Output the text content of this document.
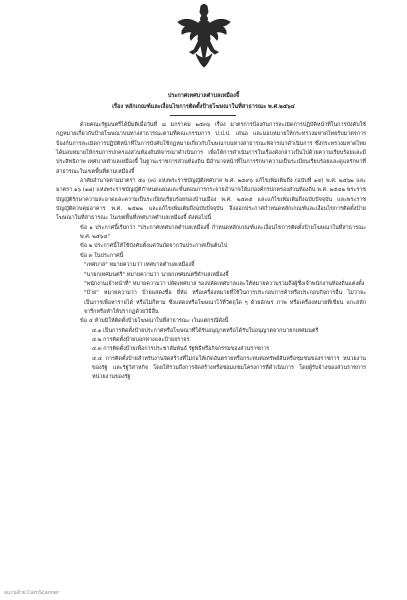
ประกาศเทศบาลตำบลเหมืองจี้
เรื่อง หลักเกณฑ์และเงื่อนไขการติดตั้งป้ายโฆษณาในที่สาธารณะ พ.ศ.๒๕๖๔

ด้วยคณะรัฐมนตรีได้มีมติเมื่อวันที่ ๘ มกราคม ๒๕๓๖ เรื่อง มาตรการป้องกันการละเมิดการปฏิบัติหน้าที่ในการบังคับใช้กฎหมายเกี่ยวกับป้ายโฆษณาบนทางสาธารณะตามที่คณะกรรมการ ป.ป.ป. เสนอ และมอบหมายให้กระทรวงมหาดไทยรับมาตรการป้องกันการละเมิดการปฏิบัติหน้าที่ในการบังคับใช้กฎหมายเกี่ยวกับโฆษณาบนทางสาธารณะพิจารณาดำเนินการ ซึ่งกระทรวงมหาดไทยได้มอบหมายให้กรมการปกครองส่วนท้องถิ่นพิจารณาดำเนินการ เพื่อให้การดำเนินการในเรื่องดังกล่าวเป็นไปด้วยความเรียบร้อยและมีประสิทธิภาพ เทศบาลตำบลเหมืองจี้ ในฐานะราชการส่วนท้องถิ่น มีอำนาจหน้าที่ในการรักษาความเป็นระเบียบเรียบร้อยและดูแลรักษาที่สาธารณะในเขตพื้นที่ตามเหมืองจี้

อาศัยอำนาจตามมาตรา ๕๐ (๓) แห่งพระราชบัญญัติเทศบาล พ.ศ. ๒๔๙๖ แก้ไขเพิ่มเติมถึง (ฉบับที่ ๑๔) พ.ศ. ๒๕๖๒ และมาตรา ๑๖ (๑๗) แห่งพระราชบัญญัติกำหนดแผนและขั้นตอนการกระจายอำนาจให้แก่องค์กรปกครองส่วนท้องถิ่น พ.ศ. ๒๕๔๒ พระราชบัญญัติรักษาความสะอาดและความเป็นระเบียบเรียบร้อยของบ้านเมือง พ.ศ. ๒๕๓๕ และแก้ไขเพิ่มเติมถึงฉบับปัจจุบัน และพระราชบัญญัติควบคุมอาคาร พ.ศ. ๒๕๒๒ และแก้ไขเพิ่มเติมถึงฉบับปัจจุบัน จึงออกประกาศกำหนดหลักเกณฑ์และเงื่อนไขการติดตั้งป้ายโฆษณาในที่สาธารณะ ในเขตพื้นที่เทศบาลตำบลเหมืองจี้ ดังต่อไปนี้

ข้อ ๑ ประกาศนี้เรียกว่า "ประกาศเทศบาลตำบลเหมืองจี้ กำหนดหลักเกณฑ์และเงื่อนไขการติดตั้งป้ายโฆษณาในที่สาธารณะ พ.ศ. ๒๕๖๔"

ข้อ ๒ ประกาศนี้ให้ใช้บังคับตั้งแต่วันถัดจากวันประกาศเป็นต้นไป

ข้อ ๓ ในประกาศนี้

"เทศบาล" หมายความว่า เทศบาลตำบลเหมืองจี้

"นายกเทศมนตรี" หมายความว่า นายกเทศมนตรีตำบลเหมืองจี้

"พนักงานเจ้าหน้าที่" หมายความว่า ปลัดเทศบาล รองปลัดเทศบาลและให้หมายความรวมถึงผู้ซึ่งเจ้าพนักงานท้องถิ่นแต่งตั้ง

"ป้าย" หมายความว่า ป้ายแสดงชื่อ ยี่ห้อ หรือเครื่องหมายที่ใช้ในการประกอบการค้าหรือประกอบกิจการอื่น ไม่ว่าจะเป็นการเพื่อหารายได้ หรือไม่ก็ตาม ซึ่งแสดงหรือโฆษณาไว้ที่วัตถุใด ๆ ด้วยอักษร ภาพ หรือเครื่องหมายที่เขียน แกะสลัก จารึกหรือทำให้ปรากฏด้วยวิธีอื่น

ข้อ ๔ ห้ามมิให้ติดตั้งป้ายโฆษณาในที่สาธารณะ เว้นแต่กรณีดังนี้

๔.๑ เป็นการติดตั้งป้ายประกาศหรือโฆษณาที่ได้รับอนุญาตหรือได้รับใบอนุญาตจากนายกเทศมนตรี

๔.๒ การติดตั้งป้ายบอกทางและป้ายจราจร

๔.๓ การติดตั้งป้ายเพื่อการประชาสัมพันธ์ รัฐพิธีหรือกิจกรรมของส่วนราชการ

๔.๔ การติดตั้งป้ายสำหรับงานจัดสร้างที่ไม่ก่อให้เกิดอันตรายหรือกระทบต่อทรัพย์สินหรือชุมชนของราชการ หน่วยงานของรัฐ และรัฐวิสาหกิจ โดยให้รวมถึงการจัดสร้างหรือซ่อมแซมโครงการที่ดำเนินการ โดยผู้รับจ้างของส่วนราชการ หน่วยงานของรัฐ

สแกนด้วย CamScanner
